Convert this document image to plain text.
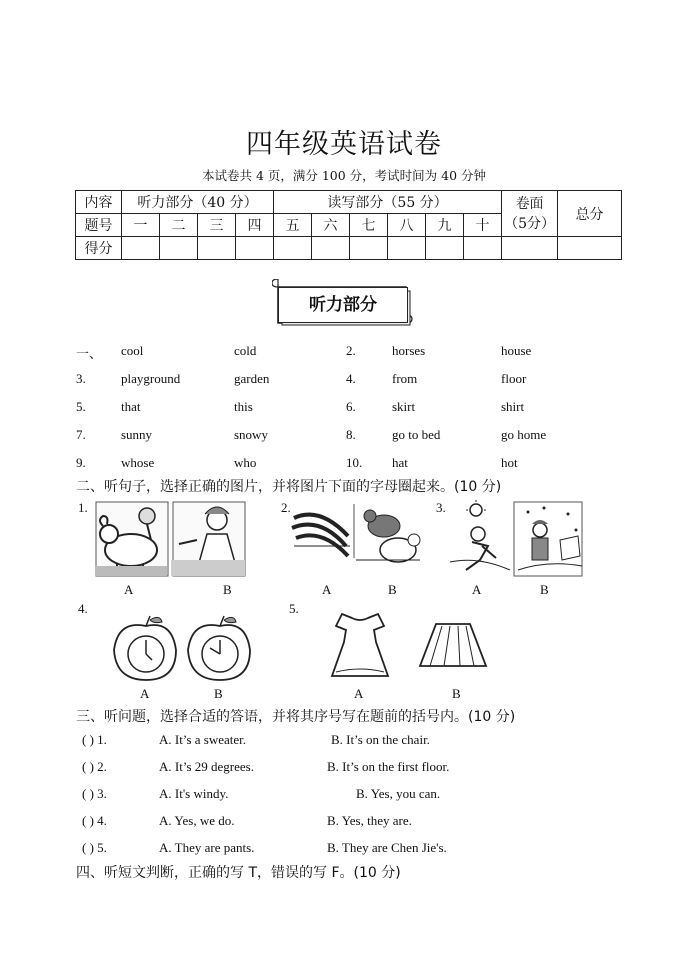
四年级英语试卷
本试卷共 4 页，满分 100 分，考试时间为 40 分钟
内容	听力部分（40 分）				读写部分（55 分）						卷面
（5分）	总分
题号	一	二	三	四	五	六	七	八	九	十		
得分												
听力部分
一、 cool	cold	2.	horses	house
3.	playground	garden	4.	from	floor
5.	that	this	6.	skirt	shirt
7.	sunny	snowy	8.	go to bed	go home
9.	whose	who	10. hat	hot
二、听句子，选择正确的图片，并将图片下面的字母圈起来。(10 分)
1.
A	B
2.
A	B
3.
A	B
4.
A	B
5.
A	B
三、听问题，选择合适的答语，并将其序号写在题前的括号内。(10 分)
( ) 1.	A. It’s a sweater.	B. It’s on the chair.
( ) 2.	A. It’s 29 degrees.	B. It’s on the first floor.
( ) 3.	A. It's windy.	B. Yes, you can.
( ) 4.	A. Yes, we do.	B. Yes, they are.
( ) 5.	A. They are pants.	B. They are Chen Jie's.
四、听短文判断，正确的写 T，错误的写 F。(10 分)
